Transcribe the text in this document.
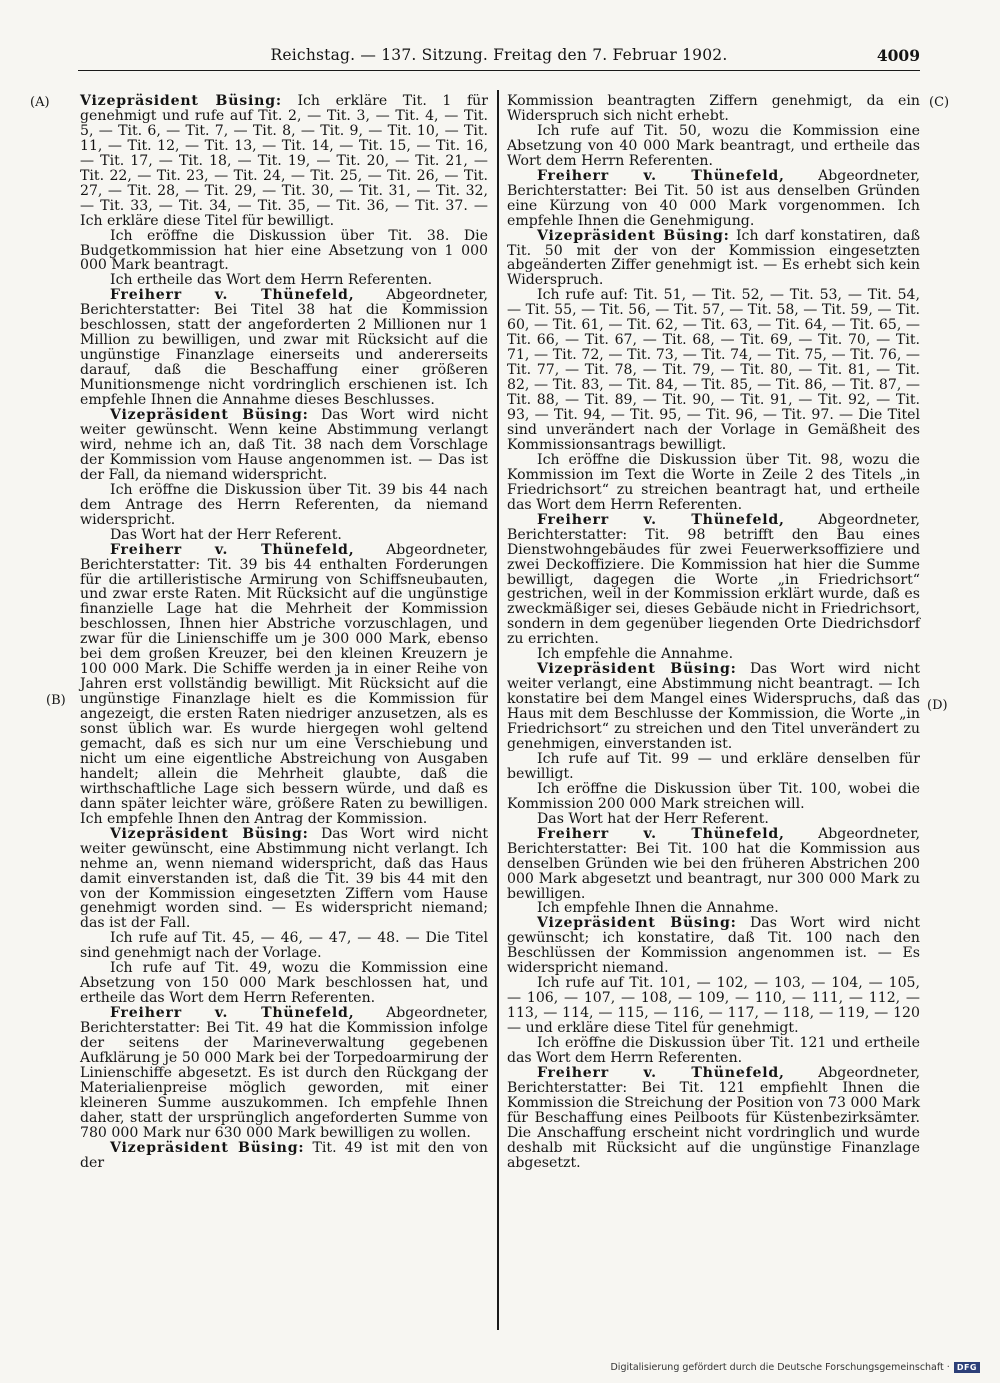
Reichstag. — 137. Sitzung. Freitag den 7. Februar 1902.	4009
(A)
(B)
(C)
(D)

Vizepräsident Büsing: Ich erkläre Tit. 1 für genehmigt und rufe auf Tit. 2, — Tit. 3, — Tit. 4, — Tit. 5, — Tit. 6, — Tit. 7, — Tit. 8, — Tit. 9, — Tit. 10, — Tit. 11, — Tit. 12, — Tit. 13, — Tit. 14, — Tit. 15, — Tit. 16, — Tit. 17, — Tit. 18, — Tit. 19, — Tit. 20, — Tit. 21, — Tit. 22, — Tit. 23, — Tit. 24, — Tit. 25, — Tit. 26, — Tit. 27, — Tit. 28, — Tit. 29, — Tit. 30, — Tit. 31, — Tit. 32, — Tit. 33, — Tit. 34, — Tit. 35, — Tit. 36, — Tit. 37. — Ich erkläre diese Titel für bewilligt.

Ich eröffne die Diskussion über Tit. 38. Die Budgetkommission hat hier eine Absetzung von 1 000 000 Mark beantragt.

Ich ertheile das Wort dem Herrn Referenten.

Freiherr v. Thünefeld, Abgeordneter, Berichterstatter: Bei Titel 38 hat die Kommission beschlossen, statt der angeforderten 2 Millionen nur 1 Million zu bewilligen, und zwar mit Rücksicht auf die ungünstige Finanzlage einerseits und andererseits darauf, daß die Beschaffung einer größeren Munitionsmenge nicht vordringlich erschienen ist. Ich empfehle Ihnen die Annahme dieses Beschlusses.

Vizepräsident Büsing: Das Wort wird nicht weiter gewünscht. Wenn keine Abstimmung verlangt wird, nehme ich an, daß Tit. 38 nach dem Vorschlage der Kommission vom Hause angenommen ist. — Das ist der Fall, da niemand widerspricht.

Ich eröffne die Diskussion über Tit. 39 bis 44 nach dem Antrage des Herrn Referenten, da niemand widerspricht.

Das Wort hat der Herr Referent.

Freiherr v. Thünefeld, Abgeordneter, Berichterstatter: Tit. 39 bis 44 enthalten Forderungen für die artilleristische Armirung von Schiffsneubauten, und zwar erste Raten. Mit Rücksicht auf die ungünstige finanzielle Lage hat die Mehrheit der Kommission beschlossen, Ihnen hier Abstriche vorzuschlagen, und zwar für die Linienschiffe um je 300 000 Mark, ebenso bei dem großen Kreuzer, bei den kleinen Kreuzern je 100 000 Mark. Die Schiffe werden ja in einer Reihe von Jahren erst vollständig bewilligt. Mit Rücksicht auf die ungünstige Finanzlage hielt es die Kommission für angezeigt, die ersten Raten niedriger anzusetzen, als es sonst üblich war. Es wurde hiergegen wohl geltend gemacht, daß es sich nur um eine Verschiebung und nicht um eine eigentliche Abstreichung von Ausgaben handelt; allein die Mehrheit glaubte, daß die wirthschaftliche Lage sich bessern würde, und daß es dann später leichter wäre, größere Raten zu bewilligen. Ich empfehle Ihnen den Antrag der Kommission.

Vizepräsident Büsing: Das Wort wird nicht weiter gewünscht, eine Abstimmung nicht verlangt. Ich nehme an, wenn niemand widerspricht, daß das Haus damit einverstanden ist, daß die Tit. 39 bis 44 mit den von der Kommission eingesetzten Ziffern vom Hause genehmigt worden sind. — Es widerspricht niemand; das ist der Fall.

Ich rufe auf Tit. 45, — 46, — 47, — 48. — Die Titel sind genehmigt nach der Vorlage.

Ich rufe auf Tit. 49, wozu die Kommission eine Absetzung von 150 000 Mark beschlossen hat, und ertheile das Wort dem Herrn Referenten.

Freiherr v. Thünefeld, Abgeordneter, Berichterstatter: Bei Tit. 49 hat die Kommission infolge der seitens der Marineverwaltung gegebenen Aufklärung je 50 000 Mark bei der Torpedoarmirung der Linienschiffe abgesetzt. Es ist durch den Rückgang der Materialienpreise möglich geworden, mit einer kleineren Summe auszukommen. Ich empfehle Ihnen daher, statt der ursprünglich angeforderten Summe von 780 000 Mark nur 630 000 Mark bewilligen zu wollen.

Vizepräsident Büsing: Tit. 49 ist mit den von der

Kommission beantragten Ziffern genehmigt, da ein Widerspruch sich nicht erhebt.

Ich rufe auf Tit. 50, wozu die Kommission eine Absetzung von 40 000 Mark beantragt, und ertheile das Wort dem Herrn Referenten.

Freiherr v. Thünefeld, Abgeordneter, Berichterstatter: Bei Tit. 50 ist aus denselben Gründen eine Kürzung von 40 000 Mark vorgenommen. Ich empfehle Ihnen die Genehmigung.

Vizepräsident Büsing: Ich darf konstatiren, daß Tit. 50 mit der von der Kommission eingesetzten abgeänderten Ziffer genehmigt ist. — Es erhebt sich kein Widerspruch.

Ich rufe auf: Tit. 51, — Tit. 52, — Tit. 53, — Tit. 54, — Tit. 55, — Tit. 56, — Tit. 57, — Tit. 58, — Tit. 59, — Tit. 60, — Tit. 61, — Tit. 62, — Tit. 63, — Tit. 64, — Tit. 65, — Tit. 66, — Tit. 67, — Tit. 68, — Tit. 69, — Tit. 70, — Tit. 71, — Tit. 72, — Tit. 73, — Tit. 74, — Tit. 75, — Tit. 76, — Tit. 77, — Tit. 78, — Tit. 79, — Tit. 80, — Tit. 81, — Tit. 82, — Tit. 83, — Tit. 84, — Tit. 85, — Tit. 86, — Tit. 87, — Tit. 88, — Tit. 89, — Tit. 90, — Tit. 91, — Tit. 92, — Tit. 93, — Tit. 94, — Tit. 95, — Tit. 96, — Tit. 97. — Die Titel sind unverändert nach der Vorlage in Gemäßheit des Kommissionsantrags bewilligt.

Ich eröffne die Diskussion über Tit. 98, wozu die Kommission im Text die Worte in Zeile 2 des Titels „in Friedrichsort“ zu streichen beantragt hat, und ertheile das Wort dem Herrn Referenten.

Freiherr v. Thünefeld, Abgeordneter, Berichterstatter: Tit. 98 betrifft den Bau eines Dienstwohngebäudes für zwei Feuerwerksoffiziere und zwei Deckoffiziere. Die Kommission hat hier die Summe bewilligt, dagegen die Worte „in Friedrichsort“ gestrichen, weil in der Kommission erklärt wurde, daß es zweckmäßiger sei, dieses Gebäude nicht in Friedrichsort, sondern in dem gegenüber liegenden Orte Diedrichsdorf zu errichten.

Ich empfehle die Annahme.

Vizepräsident Büsing: Das Wort wird nicht weiter verlangt, eine Abstimmung nicht beantragt. — Ich konstatire bei dem Mangel eines Widerspruchs, daß das Haus mit dem Beschlusse der Kommission, die Worte „in Friedrichsort“ zu streichen und den Titel unverändert zu genehmigen, einverstanden ist.

Ich rufe auf Tit. 99 — und erkläre denselben für bewilligt.

Ich eröffne die Diskussion über Tit. 100, wobei die Kommission 200 000 Mark streichen will.

Das Wort hat der Herr Referent.

Freiherr v. Thünefeld, Abgeordneter, Berichterstatter: Bei Tit. 100 hat die Kommission aus denselben Gründen wie bei den früheren Abstrichen 200 000 Mark abgesetzt und beantragt, nur 300 000 Mark zu bewilligen.

Ich empfehle Ihnen die Annahme.

Vizepräsident Büsing: Das Wort wird nicht gewünscht; ich konstatire, daß Tit. 100 nach den Beschlüssen der Kommission angenommen ist. — Es widerspricht niemand.

Ich rufe auf Tit. 101, — 102, — 103, — 104, — 105, — 106, — 107, — 108, — 109, — 110, — 111, — 112, — 113, — 114, — 115, — 116, — 117, — 118, — 119, — 120 — und erkläre diese Titel für genehmigt.

Ich eröffne die Diskussion über Tit. 121 und ertheile das Wort dem Herrn Referenten.

Freiherr v. Thünefeld, Abgeordneter, Berichterstatter: Bei Tit. 121 empfiehlt Ihnen die Kommission die Streichung der Position von 73 000 Mark für Beschaffung eines Peilboots für Küstenbezirksämter. Die Anschaffung erscheint nicht vordringlich und wurde deshalb mit Rücksicht auf die ungünstige Finanzlage abgesetzt.

Digitalisierung gefördert durch die Deutsche Forschungsgemeinschaft · DFG
